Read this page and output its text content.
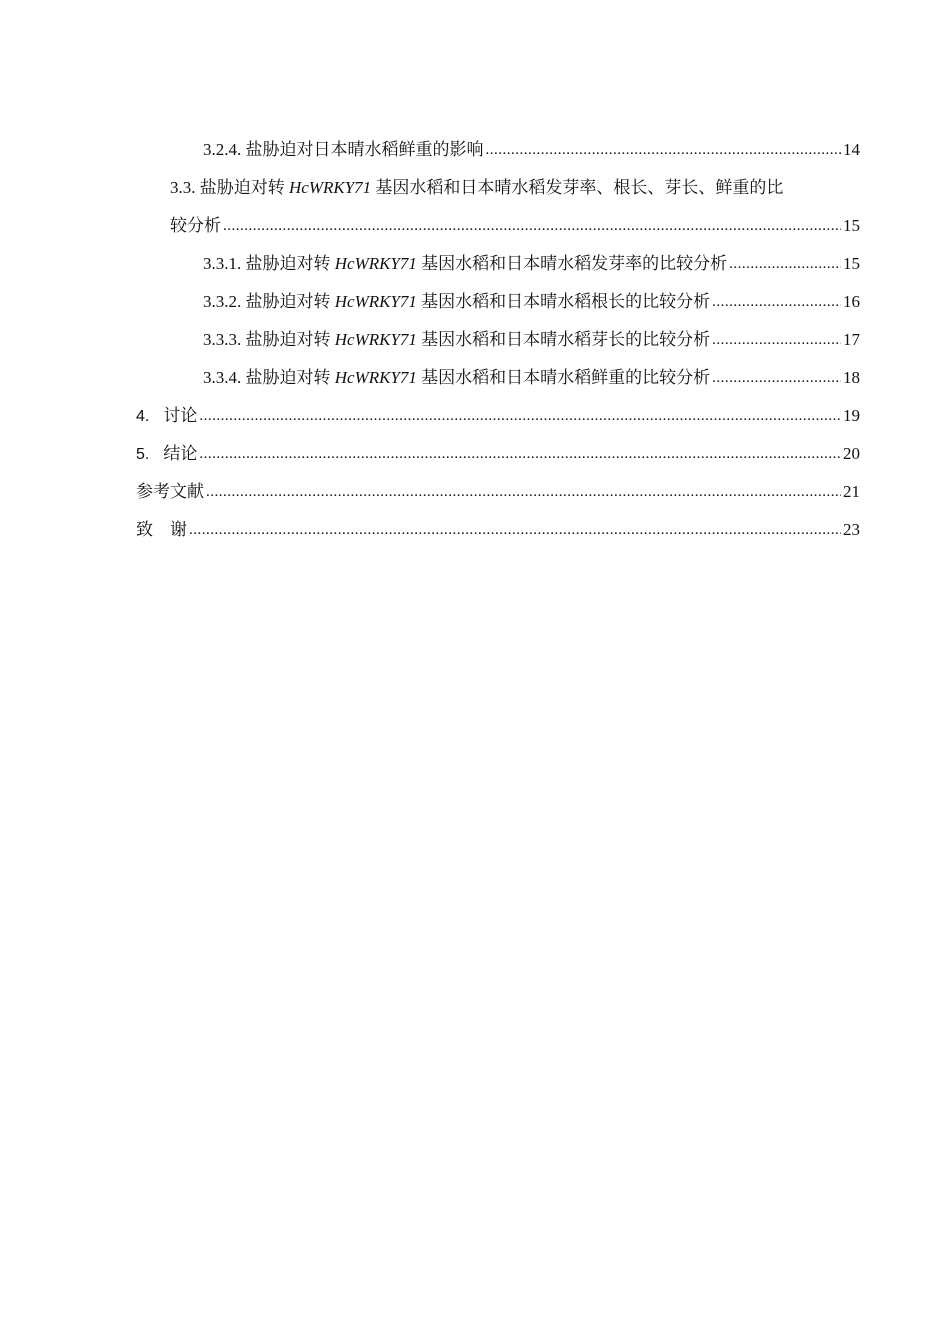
3.2.4. 盐胁迫对日本晴水稻鲜重的影响 .....	14
3.3. 盐胁迫对转 HcWRKY71 基因水稻和日本晴水稻发芽率、根长、芽长、鲜重的比
较分析 .....	15
3.3.1. 盐胁迫对转 HcWRKY71 基因水稻和日本晴水稻发芽率的比较分析 .....	15
3.3.2. 盐胁迫对转 HcWRKY71 基因水稻和日本晴水稻根长的比较分析 .....	16
3.3.3. 盐胁迫对转 HcWRKY71 基因水稻和日本晴水稻芽长的比较分析 .....	17
3.3.4. 盐胁迫对转 HcWRKY71 基因水稻和日本晴水稻鲜重的比较分析 .....	18
4. 讨论 .....	19
5. 结论 .....	20
参考文献 .....	21
致　谢 .....	23
